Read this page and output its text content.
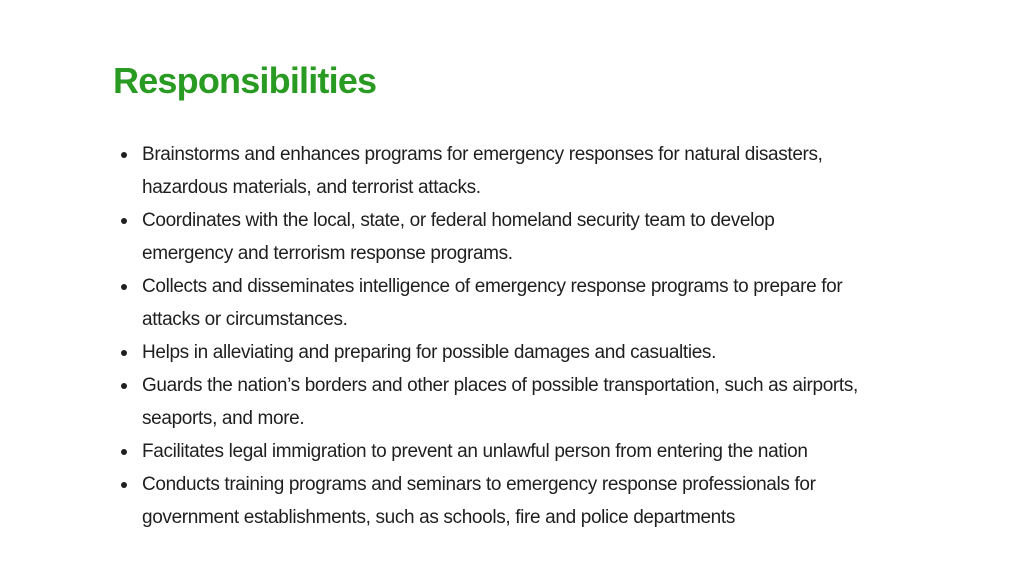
Responsibilities
Brainstorms and enhances programs for emergency responses for natural disasters,
hazardous materials, and terrorist attacks.
Coordinates with the local, state, or federal homeland security team to develop
emergency and terrorism response programs.
Collects and disseminates intelligence of emergency response programs to prepare for
attacks or circumstances.
Helps in alleviating and preparing for possible damages and casualties.
Guards the nation’s borders and other places of possible transportation, such as airports,
seaports, and more.
Facilitates legal immigration to prevent an unlawful person from entering the nation
Conducts training programs and seminars to emergency response professionals for
government establishments, such as schools, fire and police departments
